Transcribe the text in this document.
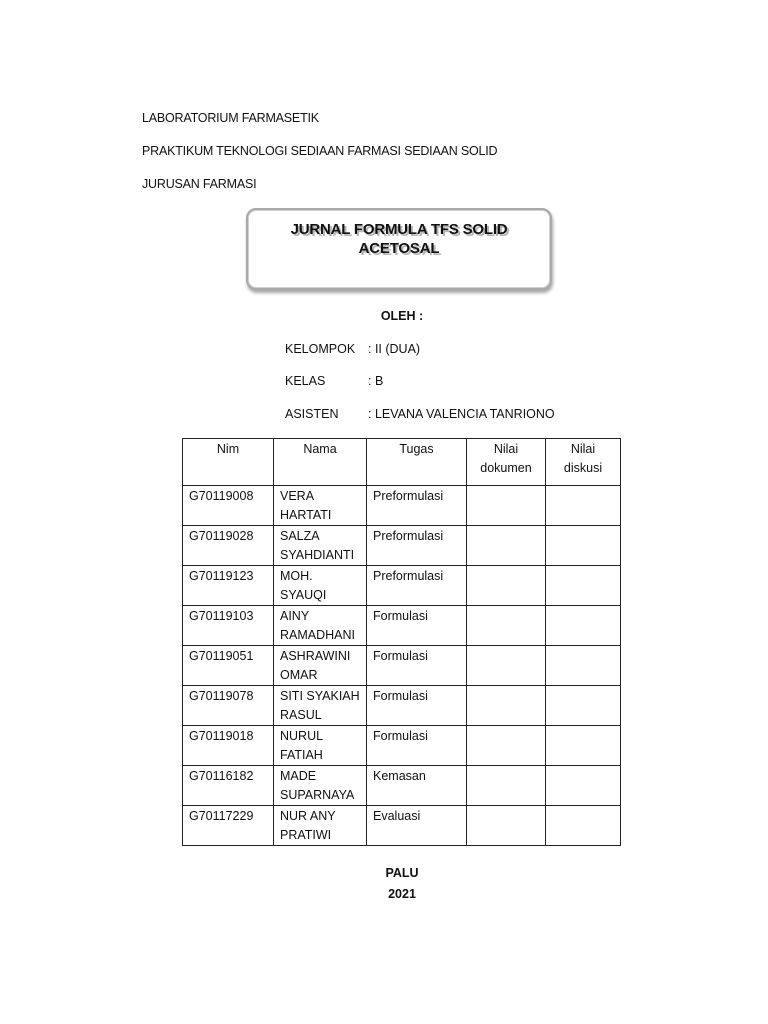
LABORATORIUM FARMASETIK
PRAKTIKUM TEKNOLOGI SEDIAAN FARMASI SEDIAAN SOLID
JURUSAN FARMASI
JURNAL FORMULA TFS SOLID
ACETOSAL
OLEH :
KELOMPOK : II (DUA)
KELAS	: B
ASISTEN : LEVANA VALENCIA TANRIONO
Nim	Nama	Tugas	Nilai dokumen	Nilai diskusi
G70119008	VERA HARTATI	Preformulasi		
G70119028	SALZA SYAHDIANTI	Preformulasi		
G70119123	MOH. SYAUQI	Preformulasi		
G70119103	AINY RAMADHANI	Formulasi		
G70119051	ASHRAWINI OMAR	Formulasi		
G70119078	SITI SYAKIAH RASUL	Formulasi		
G70119018	NURUL FATIAH	Formulasi		
G70116182	MADE SUPARNAYA	Kemasan		
G70117229	NUR ANY PRATIWI	Evaluasi		
PALU
2021
